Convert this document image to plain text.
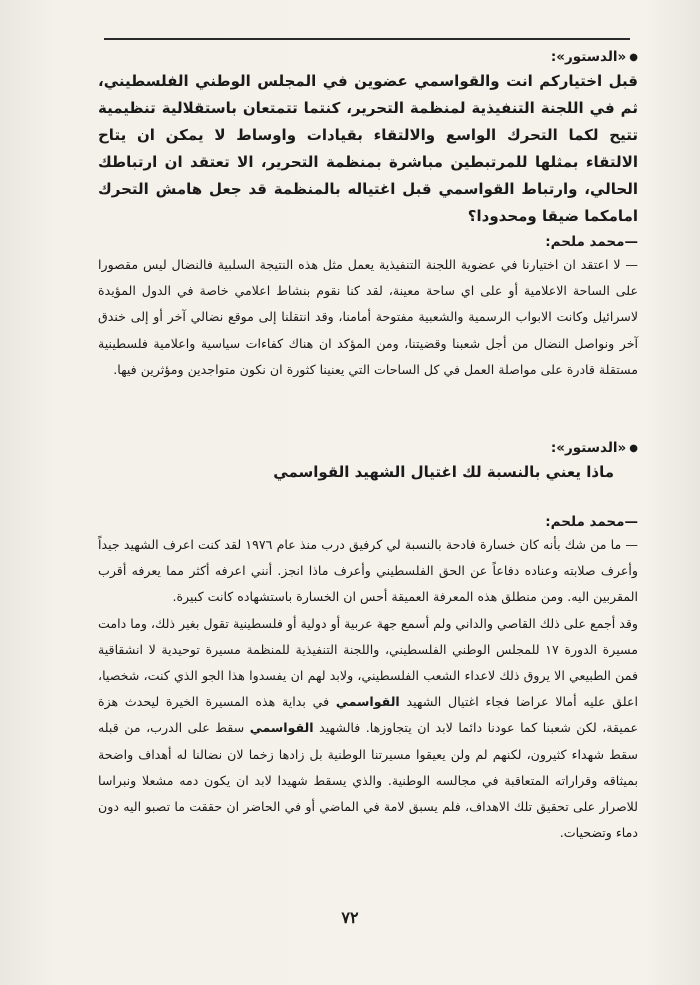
● «الدستور»:
قبل اختياركم انت والقواسمي عضوين في المجلس الوطني الفلسطيني، ثم في اللجنة التنفيذية لمنظمة التحرير، كنتما تتمتعان باستقلالية تنظيمية تتيح لكما التحرك الواسع والالتقاء بقيادات واوساط لا يمكن ان يتاح الالتقاء بمثلها للمرتبطين مباشرة بمنظمة التحرير، الا تعتقد ان ارتباطك الحالي، وارتباط القواسمي قبل اغتياله بالمنظمة قد جعل هامش التحرك امامكما ضيقا ومحدودا؟
— محمد ملحم:
— لا اعتقد ان اختيارنا في عضوية اللجنة التنفيذية يعمل مثل هذه النتيجة السلبية فالنضال ليس مقصورا على الساحة الاعلامية أو على اي ساحة معينة، لقد كنا نقوم بنشاط اعلامي خاصة في الدول المؤيدة لاسرائيل وكانت الابواب الرسمية والشعبية مفتوحة أمامنا، وقد انتقلنا إلى موقع نضالي آخر أو إلى خندق آخر ونواصل النضال من أجل شعبنا وقضيتنا، ومن المؤكد ان هناك كفاءات سياسية واعلامية فلسطينية مستقلة قادرة على مواصلة العمل في كل الساحات التي يعنينا كثورة ان نكون متواجدين ومؤثرين فيها.
● «الدستور»:
ماذا يعني بالنسبة لك اغتيال الشهيد القواسمي
— محمد ملحم:
— ما من شك بأنه كان خسارة فادحة بالنسبة لي كرفيق درب منذ عام ١٩٧٦ لقد كنت اعرف الشهيد جيداً وأعرف صلابته وعناده دفاعاً عن الحق الفلسطيني وأعرف ماذا انجز. أنني اعرفه أكثر مما يعرفه أقرب المقربين اليه. ومن منطلق هذه المعرفة العميقة أحس ان الخسارة باستشهاده كانت كبيرة.
وقد أجمع على ذلك القاصي والداني ولم أسمع جهة عربية أو دولية أو فلسطينية تقول بغير ذلك، وما دامت مسيرة الدورة ١٧ للمجلس الوطني الفلسطيني، واللجنة التنفيذية للمنظمة مسيرة توحيدية لا انشقاقية فمن الطبيعي الا يروق ذلك لاعداء الشعب الفلسطيني، ولابد لهم ان يفسدوا هذا الجو الذي كنت، شخصيا، اعلق عليه أمالا عراضا فجاء اغتيال الشهيد القواسمي في بداية هذه المسيرة الخيرة ليحدث هزة عميقة، لكن شعبنا كما عودنا دائما لابد ان يتجاوزها. فالشهيد القواسمي سقط على الدرب، من قبله سقط شهداء كثيرون، لكنهم لم ولن يعيقوا مسيرتنا الوطنية بل زادها زخما لان نضالنا له أهداف واضحة بميثاقه وقراراته المتعاقبة في مجالسه الوطنية. والذي يسقط شهيدا لابد ان يكون دمه مشعلا ونبراسا للاصرار على تحقيق تلك الاهداف، فلم يسبق لامة في الماضي أو في الحاضر ان حققت ما تصبو اليه دون دماء وتضحيات.
٧٢
